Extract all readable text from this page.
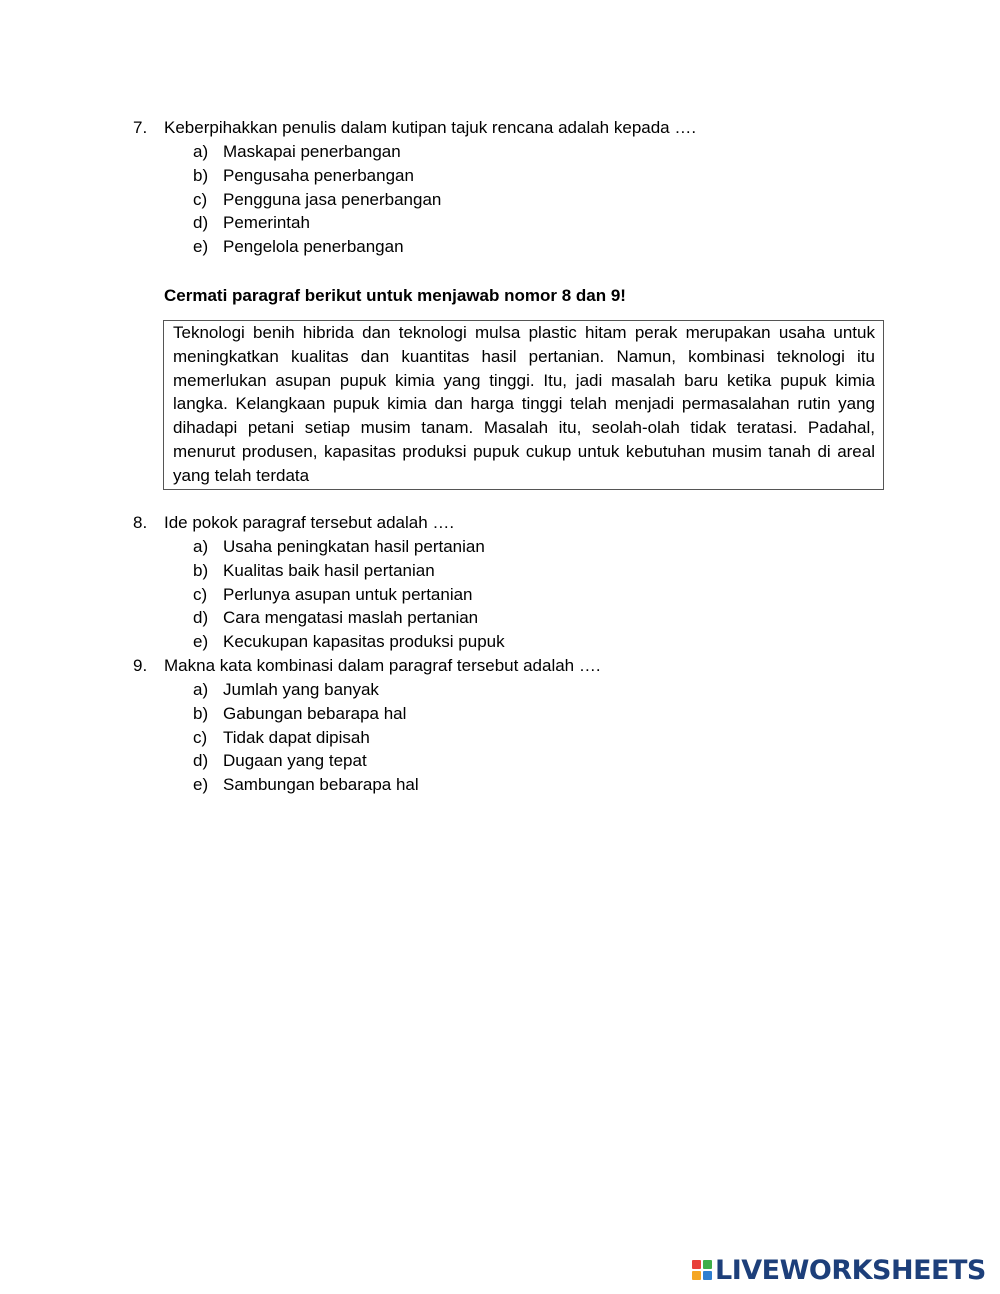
7. Keberpihakkan penulis dalam kutipan tajuk rencana adalah kepada ….
a) Maskapai penerbangan
b) Pengusaha penerbangan
c) Pengguna jasa penerbangan
d) Pemerintah
e) Pengelola penerbangan
Cermati paragraf berikut untuk menjawab nomor 8 dan 9!
Teknologi benih hibrida dan teknologi mulsa plastic hitam perak merupakan usaha untuk meningkatkan kualitas dan kuantitas hasil pertanian. Namun, kombinasi teknologi itu memerlukan asupan pupuk kimia yang tinggi. Itu, jadi masalah baru ketika pupuk kimia langka. Kelangkaan pupuk kimia dan harga tinggi telah menjadi permasalahan rutin yang dihadapi petani setiap musim tanam. Masalah itu, seolah-olah tidak teratasi. Padahal, menurut produsen, kapasitas produksi pupuk cukup untuk kebutuhan musim tanah di areal yang telah terdata
8. Ide pokok paragraf tersebut adalah ….
a) Usaha peningkatan hasil pertanian
b) Kualitas baik hasil pertanian
c) Perlunya asupan untuk pertanian
d) Cara mengatasi maslah pertanian
e) Kecukupan kapasitas produksi pupuk
9. Makna kata kombinasi dalam paragraf tersebut adalah ….
a) Jumlah yang banyak
b) Gabungan bebarapa hal
c) Tidak dapat dipisah
d) Dugaan yang tepat
e) Sambungan bebarapa hal
LIVEWORKSHEETS
